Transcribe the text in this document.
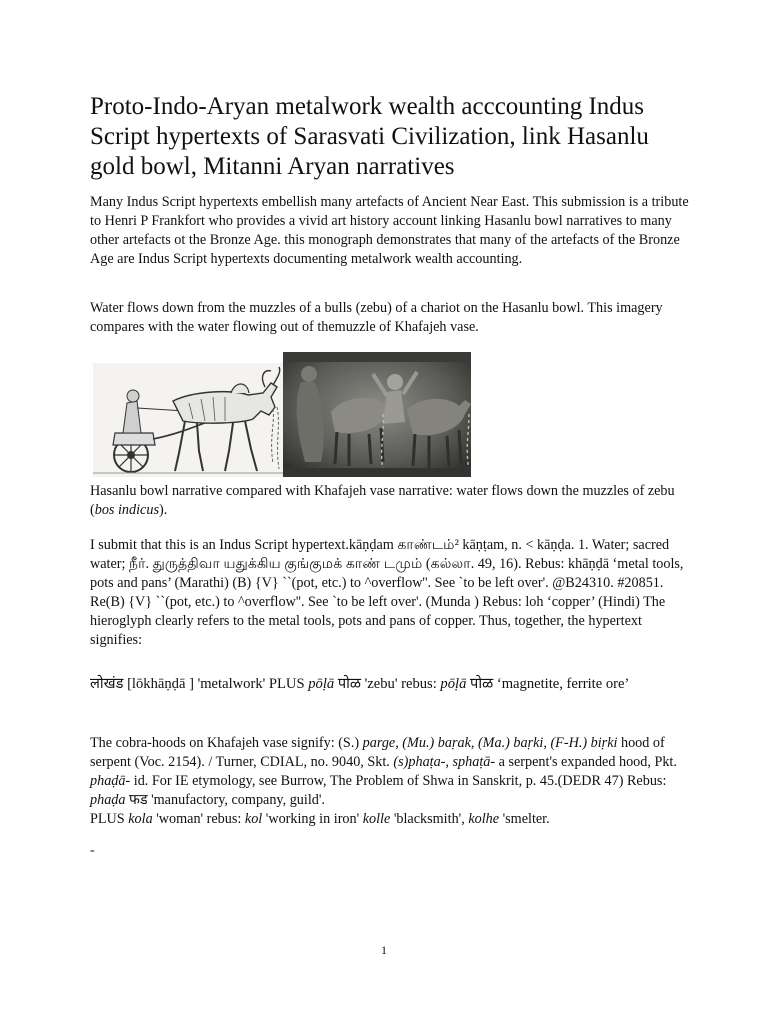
Proto-Indo-Aryan metalwork wealth acccounting Indus Script hypertexts of Sarasvati Civilization, link Hasanlu gold bowl, Mitanni Aryan narratives

Many Indus Script hypertexts embellish many artefacts of Ancient Near East. This submission is a tribute to Henri P Frankfort who provides a vivid art history account linking Hasanlu bowl narratives to many other artefacts ot the Bronze Age. this monograph demonstrates that many of the artefacts of the Bronze Age are Indus Script hypertexts documenting metalwork wealth accounting.

Water flows down from the muzzles of a bulls (zebu) of a chariot on the Hasanlu bowl. This imagery compares with the water flowing out of themuzzle of Khafajeh vase.

Hasanlu bowl narrative compared with Khafajeh vase narrative: water flows down the muzzles of zebu (bos indicus).

I submit that this is an Indus Script hypertext.kāṇḍam காண்டம்² kāṇṭam, n. < kāṇḍa. 1. Water; sacred water; நீர். துருத்திவா யதுக்கிய குங்குமக் காண் டமும் (கல்லா. 49, 16). Rebus: khāṇḍā ‘metal tools, pots and pans’ (Marathi) (B) {V} ``(pot, etc.) to ^overflow''. See `to be left over'. @B24310. #20851. Re(B) {V} ``(pot, etc.) to ^overflow''. See `to be left over'. (Munda ) Rebus: loh ‘copper’ (Hindi) The hieroglyph clearly refers to the metal tools, pots and pans of copper. Thus, together, the hypertext signifies:

लोखंड [lōkhāṇḍā ] 'metalwork' PLUS pōḷā पोळ 'zebu' rebus: pōḷā पोळ ‘magnetite, ferrite ore’

The cobra-hoods on Khafajeh vase signify: (S.) parge, (Mu.) baṛak, (Ma.) baṛki, (F-H.) biṛki hood of serpent (Voc. 2154). / Turner, CDIAL, no. 9040, Skt. (s)phaṭa-, sphaṭā- a serpent's expanded hood, Pkt. phaḍā- id. For IE etymology, see Burrow, The Problem of Shwa in Sanskrit, p. 45.(DEDR 47) Rebus: phaḍa फड 'manufactory, company, guild'.
PLUS kola 'woman' rebus: kol 'working in iron' kolle 'blacksmith', kolhe 'smelter.

-
1
